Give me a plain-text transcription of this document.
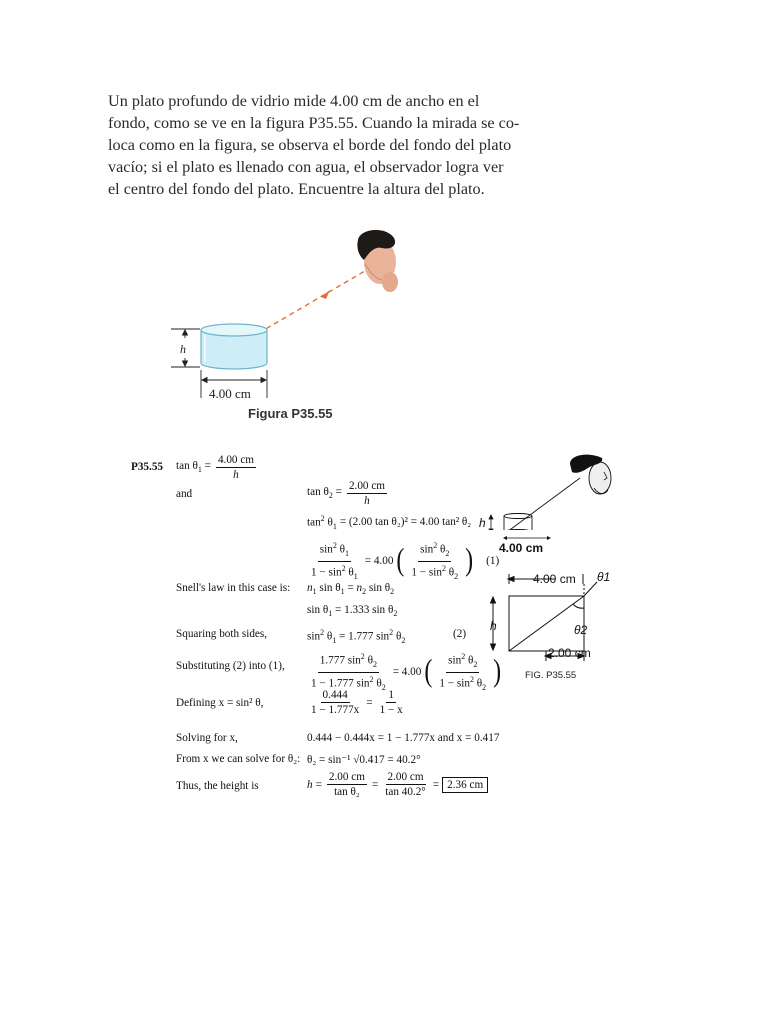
Un plato profundo de vidrio mide 4.00 cm de ancho en el
fondo, como se ve en la figura P35.55. Cuando la mirada se co-
loca como en la figura, se observa el borde del fondo del plato
vacío; si el plato es llenado con agua, el observador logra ver
el centro del fondo del plato. Encuentre la altura del plato.
h
4.00 cm
Figura P35.55
P35.55 $\tan \theta_1 = \frac{4.00 cm}{h}$
and	$\tan \theta_2 = \frac{2.00 cm}{h}$
$\tan^2 \theta_1 = (2.00$ tan θ₂)² = 4.00 tan² θ₂
$\frac{\sin^2 \theta_1}{1 - \sin^2 \theta_1} = 4.00$ ( $\frac{\sin^2 \theta_2}{1 - \sin^2 \theta_2}$ ) (1)
Snell's law in this case is: $n_1$ $\sin \theta_1 = n_2$ $\sin \theta_2$
$\sin \theta_1 = 1.333$ $\sin \theta_2$
Squaring both sides,	$\sin^2 \theta_1 = 1.777$ $\sin^2 \theta_2$
(2)
Substituting (2) into (1), $\frac{1.777 \sin^2 \theta_2}{1 - 1.777 \sin^2 \theta_2} = 4.00$ ( $\frac{\sin^2 \theta_2}{1 - \sin^2 \theta_2}$ )
Defining x = sin² θ,	$\frac{0.444}{1 - 1.777x} = \frac{1}{1 - x}$
Solving for x,	0.444 − 0.444x = 1 − 1.777x and x = 0.417
From x we can solve for θ₂: θ₂ = sin⁻¹ √0.417 = 40.2°
Thus, the height is	$h = \frac{2.00 cm}{\text{tan θ₂}} = \frac{2.00 cm}{\tan 40.2^\circ} = 2.36$ cm
h
4.00 cm
4.00 cm θ1
θ2
h
2.00 cm
FIG. P35.55
